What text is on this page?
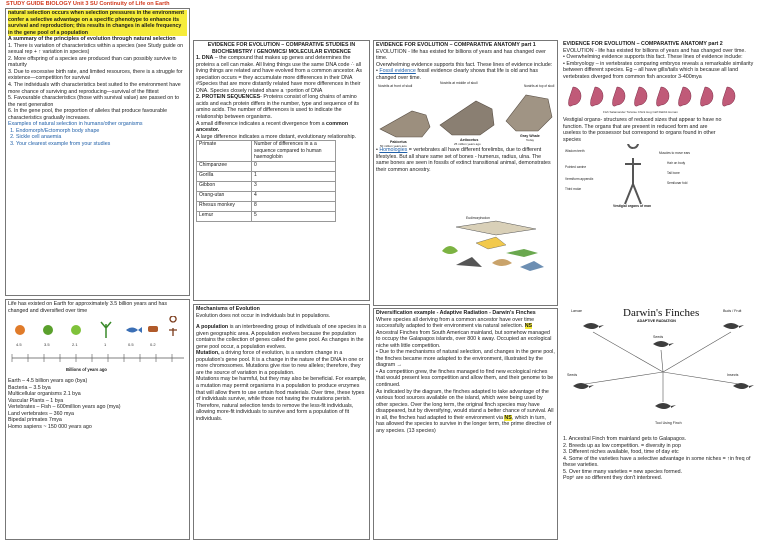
STUDY GUIDE BIOLOGY Unit 3 SU Continuity of Life on Earth

natural selection occurs when selection pressures in the environment confer a selective advantage on a specific phenotype to enhance its survival and reproduction; this results in changes in allele frequency in the gene pool of a population

A summary of the principles of evolution through natural selection

1. There is variation of characteristics within a species (see Study guide on sexual rep + ↑ variation in species)

2. More offspring of a species are produced than can possibly survive to maturity

3. Due to excessive birth rate, and limited resources, there is a struggle for existence—competition for survival

4. The individuals with characteristics best suited to the environment have more chance of surviving and reproducing—survival of the fittest

5. Favourable characteristics (those with survival value) are passed on to the next generation

6. In the gene pool, the proportion of alleles that produce favourable characteristics gradually increases.

Examples of natural selection in humans/other organisms

1. Endomorph/Ectomorph body shape
2. Sickle cell anaemia
3. Your clearest example from your studies

Life has existed on Earth for approximately 3.5 billion years and has changed and diversified over time

4.5	3.5	2.1	1	0.5	0.2
Billions of years ago

Earth – 4.5 billion years ago (bya)

Bacteria – 3.5 bya

Multicellular organisms 2.1 bya

Vascular Plants – 1 bya

Vertebrates – Fish – 600million years ago (mya)

Land vertebrates – 360 mya

Bipedal primates 7mya

Homo sapiens ~ 150 000 years ago

EVIDENCE FOR EVOLUTION – COMPARATIVE STUDIES IN BIOCHEMISTRY / GENOMICS/ MOLECULAR EVIDENCE

1. DNA – the compound that makes up genes and determines the proteins a cell can make. All living things use the same DNA code ∴ all living things are related and have evolved from a common ancestor. As speciation occurs = they accumulate more differences in their DNA #Species that are more distantly related have more differences in their DNA. Species closely related share a ↑portion of DNA

2. PROTEIN SEQUENCES- Proteins consist of long chains of amino acids and each protein differs in the number, type and sequence of its amino acids. The number of differences is used to indicate the relationship between organisms.

A small difference indicates a recent divergence from a common ancestor.

A large difference indicates a more distant, evolutionary relationship.

Primate	Number of differences in a a sequence compared to human haemoglobin
Chimpanzee	0
Gorilla	1
Gibbon	3
Orang-utan	4
Rhesus monkey	8
Lemur	5

Mechanisms of Evolution

Evolution does not occur in individuals but in populations.

A population is an interbreeding group of individuals of one species in a given geographic area. A population evolves because the population contains the collection of genes called the gene pool. As changes in the gene pool occur, a population evolves.

Mutation, a driving force of evolution, is a random change in a population's gene pool. It is a change in the nature of the DNA in one or more chromosomes. Mutations give rise to new alleles; therefore, they are the source of variation in a population.

Mutations may be harmful, but they may also be beneficial. For example, a mutation may permit organisms in a population to produce enzymes that will allow them to use certain food materials. Over time, these types of individuals survive, while those not having the mutations perish. Therefore, natural selection tends to remove the less-fit individuals, allowing more-fit individuals to survive and form a population of fit individuals.

EVIDENCE FOR EVOLUTION – COMPARATIVE ANATOMY part 1

EVOLUTION - life has existed for billions of years and has changed over time.

Overwhelming evidence supports this fact. These lines of evidence include:

• Fossil evidence fossil evidence clearly shows that life is old and has changed over time.

Nostrils at front of skull
Nostrils at middle of skull
Nostrils at top of skull
Pakicetus
50 million years ago
Aetiocetus
25 million years ago
Gray Whale
Today

• Homologies = vertebrates all have different forelimbs, due to different lifestyles. But all share same set of bones - humerus, radius, ulna. The same bones are seen in fossils of extinct transitional animal, demonstrates their common ancestry.

Eudimorphodon

Diversification example - Adaptive Radiation - Darwin's Finches

Where species all deriving from a common ancestor have over time successfully adapted to their environment via natural selection. NS

Ancestral Finches from South American mainland, but somehow managed to occupy the Galapagos islands, over 800 k away. Occupied an ecological niche with little competition.

• Due to the mechanisms of natural selection, and changes in the gene pool, the finches became more adapted to the environment, illustrated by the diagram →

• As competition grew, the finches managed to find new ecological niches that would present less competition and allow them, and their genome to be continued.

As indicated by the diagram, the finches adapted to take advantage of the various food sources available on the island, which were being used by other species. Over the long term, the original finch species may have disappeared, but by diversifying, would stand a better chance of survival. All in all, the finches had adapted to their environment via NS, which in turn, has allowed the species to survive in the longer term, the prime directive of any species. (13 species)

EVIDENCE FOR EVOLUTION – COMPARATIVE ANATOMY part 2

EVOLUTION - life has existed for billions of years and has changed over time.

• Overwhelming evidence supports this fact. These lines of evidence include:

• Embryology – in vertebrates comparing embryos reveals a remarkable similarity between different species. Eg – all have gills/tails which is because all land vertebrates diverged from common fish ancestor 3-400mya

Fish Salamander Tortoise Chick Hog Calf Rabbit Human

Vestigial organs- structures of reduced sizes that appear to have no function. The organs that are present in reduced form and are useless to the possessor but correspond to organs found in other species

Wisdom teeth	Muscles to move ears
Hair on body
Tail bone
Pointed canine
Vermiform appendix
Semilunar fold
Third molar
Vestigial organs of man
Darwin's Finches
ADAPTIVE RADIATION
Larvae	Buds / Fruit
Seeds
Seeds
Insects
Tool Using Finch

1. Ancestral Finch from mainland gets to Galapagos.

2. Breeds up as low competition. = diversity in pop

3. Different niches available, food, time of day etc

4. Some of the varieties have a selective advantage in some niches = ↑in freq of these varieties.

5. Over time many varieties = new species formed.

Popⁿ are so different they don't interbreed.
